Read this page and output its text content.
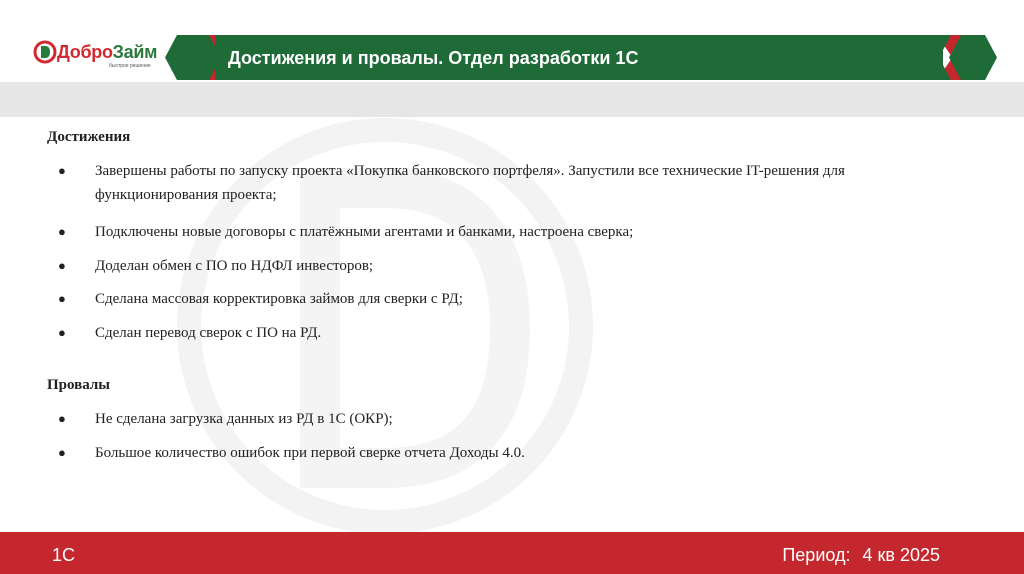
ДоброЗайм
быстрое решение	Достижения и провалы. Отдел разработки 1С
Достижения
● Завершены работы по запуску проекта «Покупка банковского портфеля». Запустили все технические IT-решения для функционирования проекта;
● Подключены новые договоры с платёжными агентами и банками, настроена сверка;
● Доделан обмен с ПО по НДФЛ инвесторов;
● Сделана массовая корректировка займов для сверки с РД;
● Сделан перевод сверок с ПО на РД.
Провалы
● Не сделана загрузка данных из РД в 1С (ОКР);
● Большое количество ошибок при первой сверке отчета Доходы 4.0.
1С	Период: 4 кв 2025
